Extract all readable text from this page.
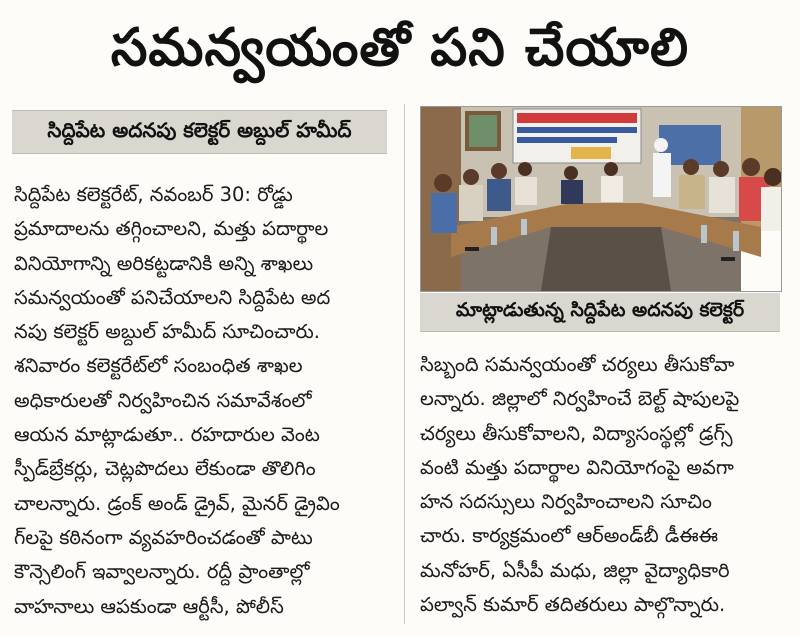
సమన్వయంతో పని చేయాలి
సిద్దిపేట అదనపు కలెక్టర్ అబ్దుల్ హమీద్
సిద్దిపేట కలెక్టరేట్, నవంబర్ 30: రోడ్డు
ప్రమాదాలను తగ్గించాలని, మత్తు పదార్థాల
వినియోగాన్ని అరికట్టడానికి అన్ని శాఖలు
సమన్వయంతో పనిచేయాలని సిద్దిపేట అద
నపు కలెక్టర్ అబ్దుల్ హమీద్ సూచించారు.
శనివారం కలెక్టరేట్‌లో సంబంధిత శాఖల
అధికారులతో నిర్వహించిన సమావేశంలో
ఆయన మాట్లాడుతూ.. రహదారుల వెంట
స్పీడ్‌బ్రేకర్లు, చెట్లపొదలు లేకుండా తొలిగిం
చాలన్నారు. డ్రంక్ అండ్ డ్రైవ్, మైనర్ డ్రైవిం
గ్‌లపై కఠినంగా వ్యవహరించడంతో పాటు
కౌన్సెలింగ్ ఇవ్వాలన్నారు. రద్దీ ప్రాంతాల్లో
వాహనాలు ఆపకుండా ఆర్టీసీ, పోలీస్
మాట్లాడుతున్న సిద్దిపేట అదనపు కలెక్టర్
సిబ్బంది సమన్వయంతో చర్యలు తీసుకోవా
లన్నారు. జిల్లాలో నిర్వహించే బెల్ట్ షాపులపై
చర్యలు తీసుకోవాలని, విద్యాసంస్థల్లో డ్రగ్స్
వంటి మత్తు పదార్థాల వినియోగంపై అవగా
హన సదస్సులు నిర్వహించాలని సూచిం
చారు. కార్యక్రమంలో ఆర్‌అండ్‌బీ డీఈఈ
మనోహర్, ఏసీపీ మధు, జిల్లా వైద్యాధికారి
పల్వాన్ కుమార్ తదితరులు పాల్గొన్నారు.
